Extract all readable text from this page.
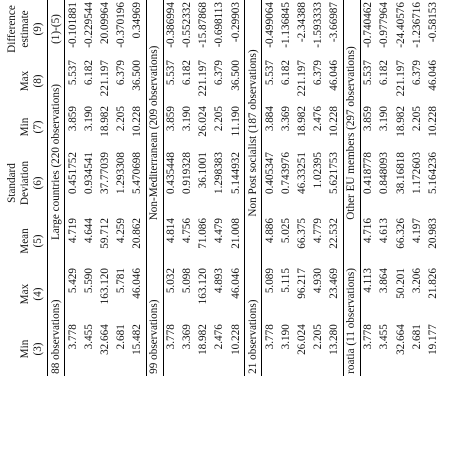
Min	Max	Mean	Standard Deviation	Min	Max	Difference estimate
(3)	(4)	(5)	(6)	(7)	(8)	(9)
88 observations)		Large countries (220 observations)				(1)-(5)
3.778	5.429	4.719	0.451752	3.859	5.537	-0.101881
3.455	5.590	4.644	0.934541	3.190	6.182	-0.229544
32.664	163.120	59.712	37.77039	18.982	221.197	20.09964
2.681	5.781	4.259	1.293308	2.205	6.379	-0.370196
15.482	46.046	20.862	5.470698	10.228	36.500	0.34969
99 observations)		Non-Mediterranean (209 observations)				
3.778	5.032	4.814	0.435448	3.859	5.537	-0.386994
3.369	5.098	4.756	0.919328	3.190	6.182	-0.552332
18.982	163.120	71.086	36.1001	26.024	221.197	-15.87868
2.476	4.893	4.479	1.298383	2.205	6.379	-0.698113
10.228	46.046	21.008	5.144932	11.190	36.500	-0.29903
21 observations)		Non Post socialist (187 observations)				
3.778	5.089	4.886	0.405347	3.884	5.537	-0.499064
3.190	5.115	5.025	0.743976	3.369	6.182	-1.136845
26.024	96.217	66.375	46.33251	18.982	221.197	-2.34388
2.205	4.930	4.779	1.02395	2.476	6.379	-1.593333
13.280	23.469	22.532	5.621753	10.228	46.046	-3.66987
roatia (11 observations)		Other EU members (297 observations)				
3.778	4.113	4.716	0.418778	3.859	5.537	-0.740462
3.455	3.864	4.613	0.848093	3.190	6.182	-0.977964
32.664	50.201	66.326	38.16818	18.982	221.197	-24.40576
2.681	3.206	4.197	1.172603	2.205	6.379	-1.236716
19.177	21.826	20.983	5.164236	10.228	46.046	-0.58153
